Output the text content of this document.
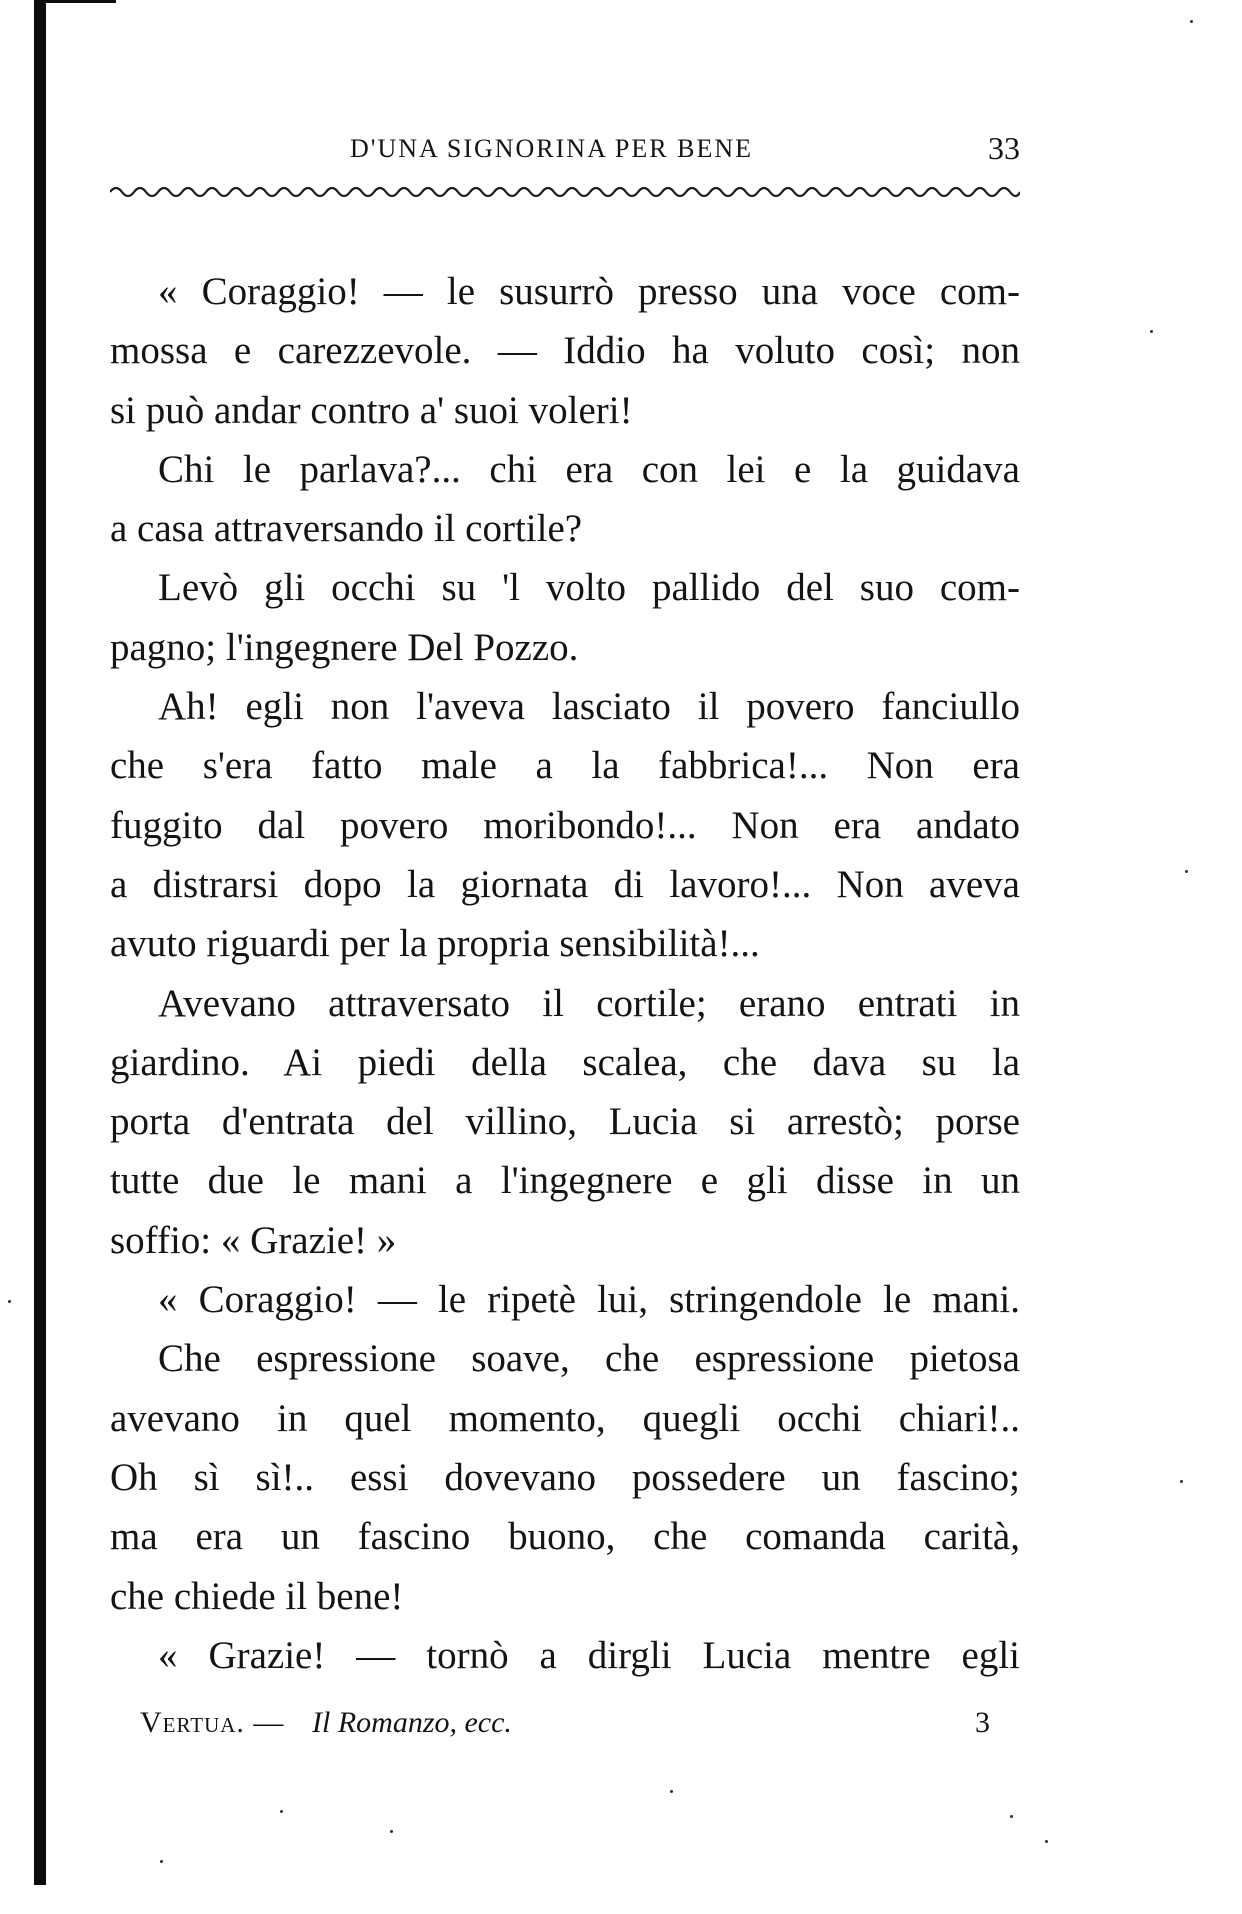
D'UNA SIGNORINA PER BENE	33
« Coraggio! — le susurrò presso una voce com-
mossa e carezzevole. — Iddio ha voluto così; non
si può andar contro a' suoi voleri!
Chi le parlava?... chi era con lei e la guidava
a casa attraversando il cortile?
Levò gli occhi su 'l volto pallido del suo com-
pagno; l'ingegnere Del Pozzo.
Ah! egli non l'aveva lasciato il povero fanciullo
che s'era fatto male a la fabbrica!... Non era
fuggito dal povero moribondo!... Non era andato
a distrarsi dopo la giornata di lavoro!... Non aveva
avuto riguardi per la propria sensibilità!...
Avevano attraversato il cortile; erano entrati in
giardino. Ai piedi della scalea, che dava su la
porta d'entrata del villino, Lucia si arrestò; porse
tutte due le mani a l'ingegnere e gli disse in un
soffio: « Grazie! »
« Coraggio! — le ripetè lui, stringendole le mani.
Che espressione soave, che espressione pietosa
avevano in quel momento, quegli occhi chiari!..
Oh sì sì!.. essi dovevano possedere un fascino;
ma era un fascino buono, che comanda carità,
che chiede il bene!
« Grazie! — tornò a dirgli Lucia mentre egli
Vertua. — Il Romanzo, ecc.	3
